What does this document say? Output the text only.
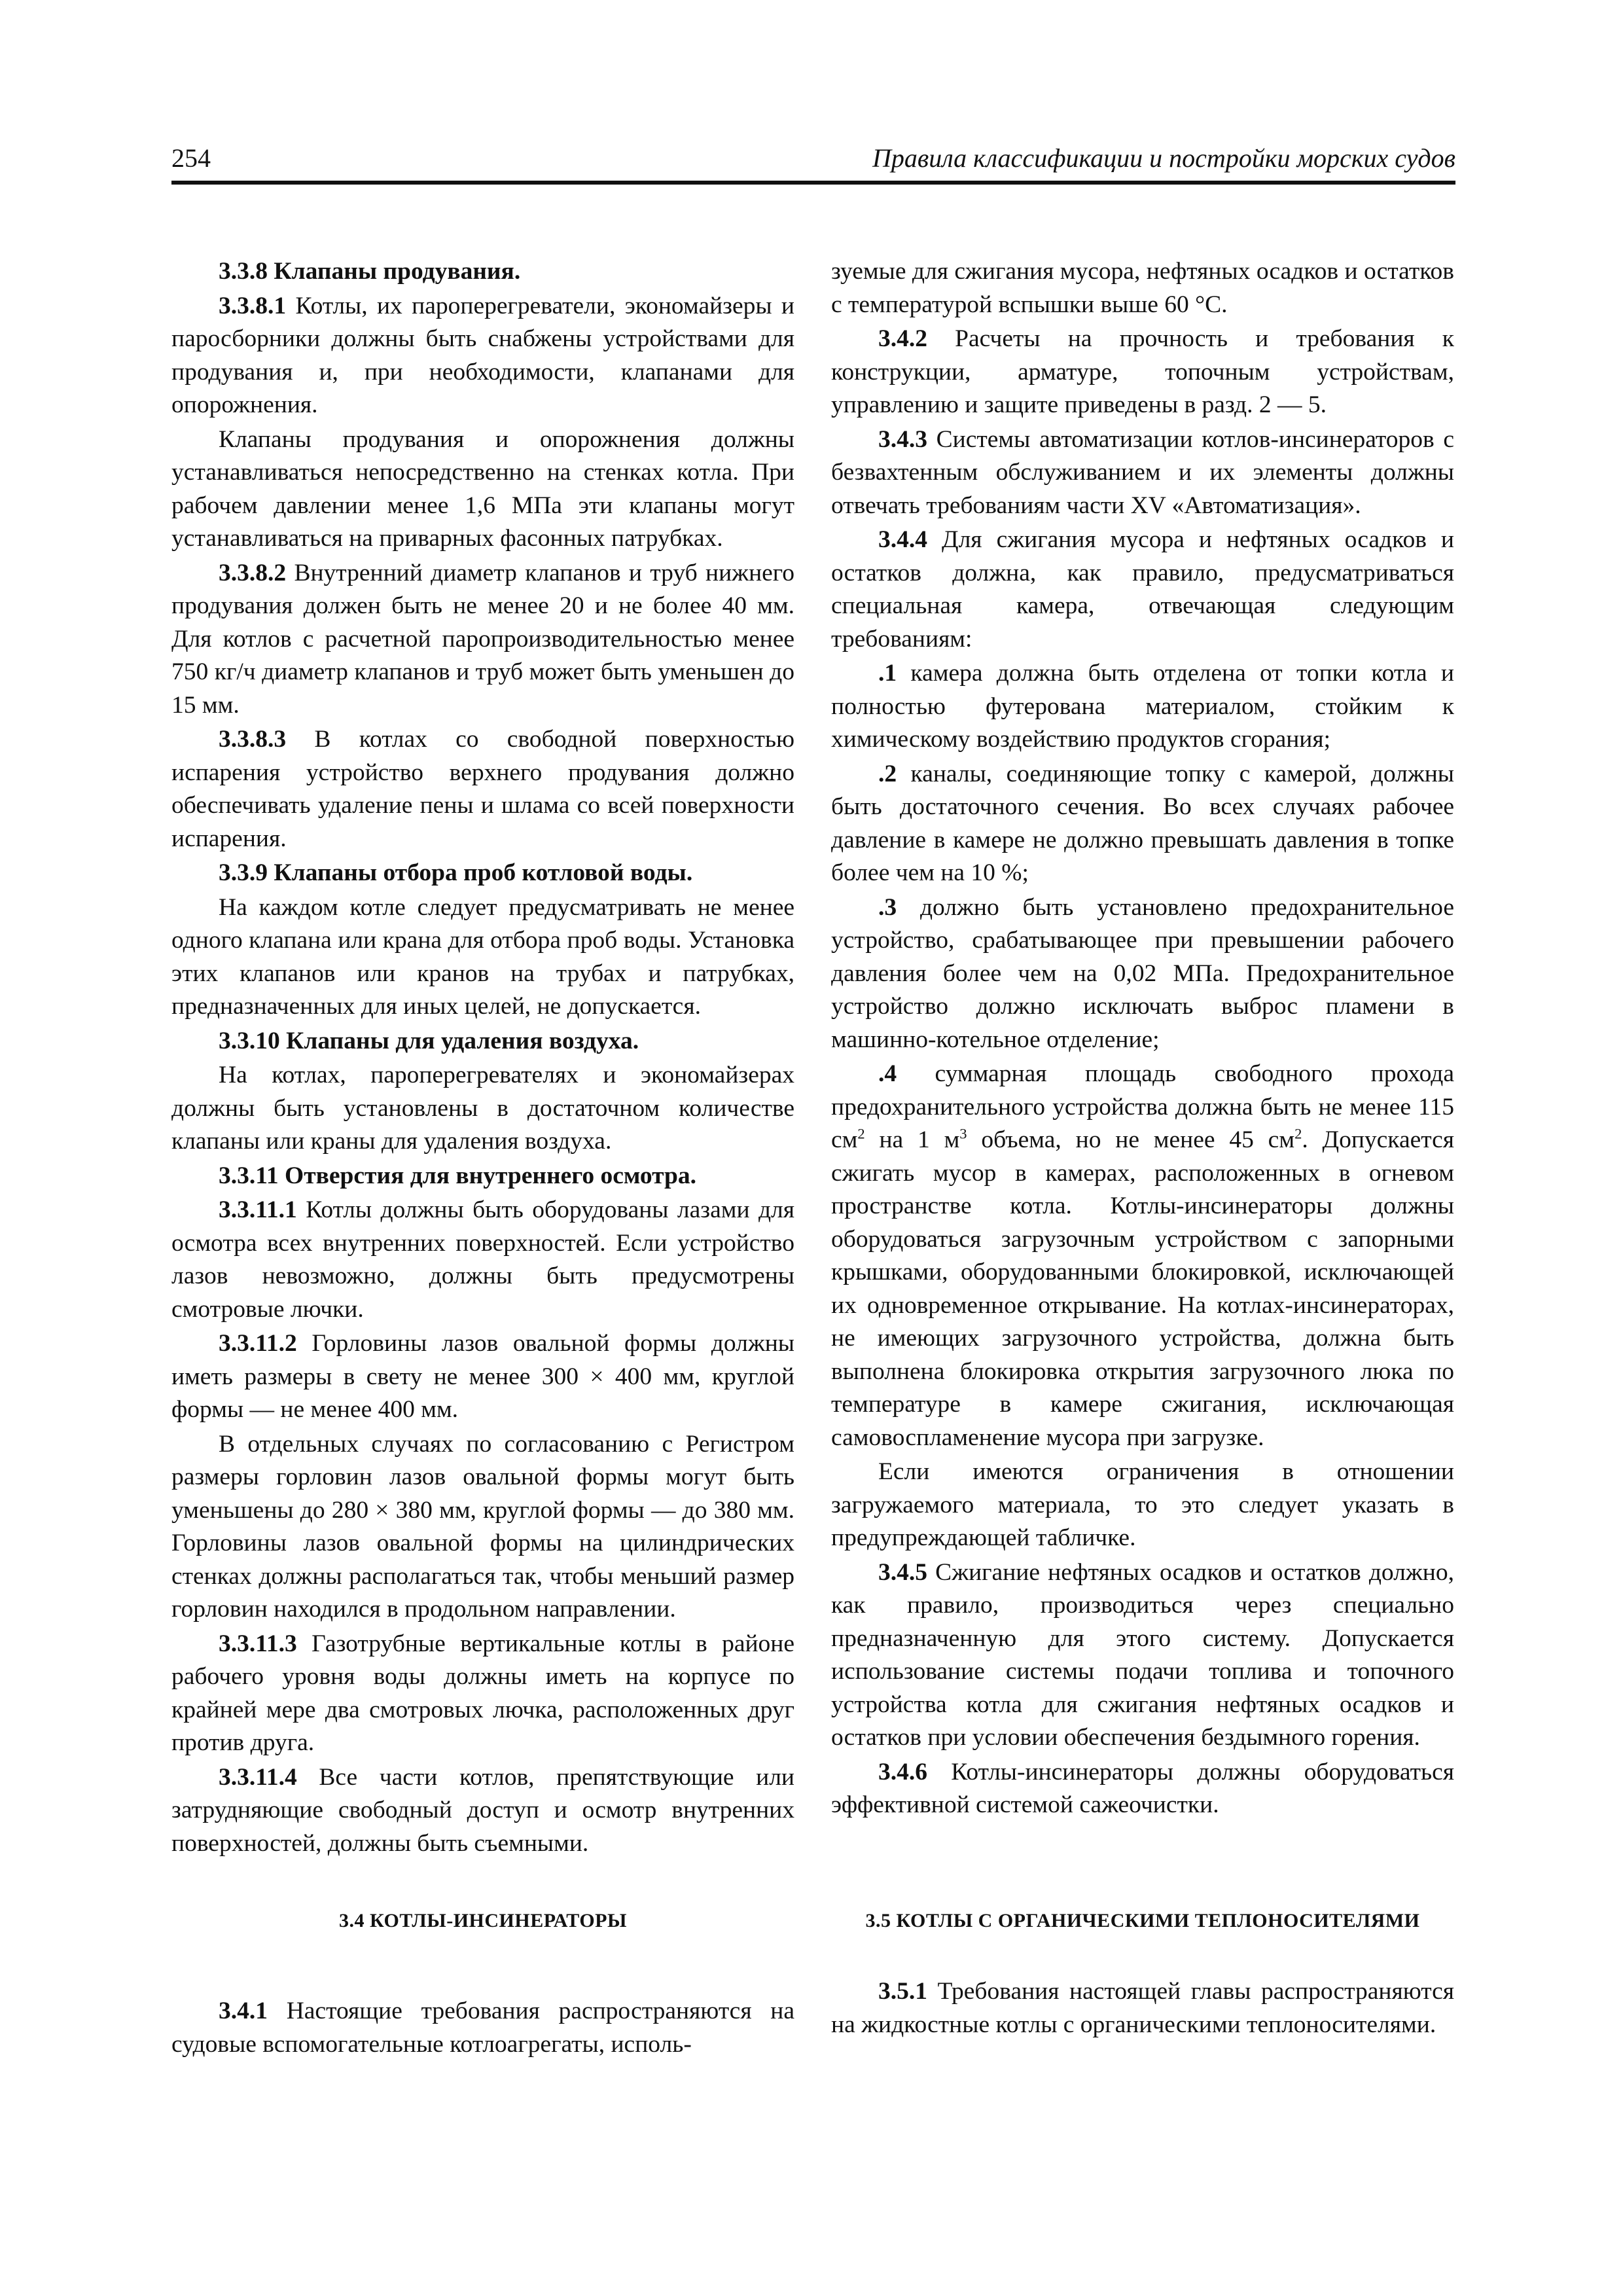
254	Правила классификации и постройки морских судов

3.3.8 Клапаны продувания.

3.3.8.1 Котлы, их пароперегреватели, экономайзеры и паросборники должны быть снабжены устройствами для продувания и, при необходимости, клапанами для опорожнения.

Клапаны продувания и опорожнения должны устанавливаться непосредственно на стенках котла. При рабочем давлении менее 1,6 МПа эти клапаны могут устанавливаться на приварных фасонных патрубках.

3.3.8.2 Внутренний диаметр клапанов и труб нижнего продувания должен быть не менее 20 и не более 40 мм. Для котлов с расчетной паропроизводительностью менее 750 кг/ч диаметр клапанов и труб может быть уменьшен до 15 мм.

3.3.8.3 В котлах со свободной поверхностью испарения устройство верхнего продувания должно обеспечивать удаление пены и шлама со всей поверхности испарения.

3.3.9 Клапаны отбора проб котловой воды.

На каждом котле следует предусматривать не менее одного клапана или крана для отбора проб воды. Установка этих клапанов или кранов на трубах и патрубках, предназначенных для иных целей, не допускается.

3.3.10 Клапаны для удаления воздуха.

На котлах, пароперегревателях и экономайзерах должны быть установлены в достаточном количестве клапаны или краны для удаления воздуха.

3.3.11 Отверстия для внутреннего осмотра.

3.3.11.1 Котлы должны быть оборудованы лазами для осмотра всех внутренних поверхностей. Если устройство лазов невозможно, должны быть предусмотрены смотровые лючки.

3.3.11.2 Горловины лазов овальной формы должны иметь размеры в свету не менее 300 × 400 мм, круглой формы — не менее 400 мм.

В отдельных случаях по согласованию с Регистром размеры горловин лазов овальной формы могут быть уменьшены до 280 × 380 мм, круглой формы — до 380 мм. Горловины лазов овальной формы на цилиндрических стенках должны располагаться так, чтобы меньший размер горловин находился в продольном направлении.

3.3.11.3 Газотрубные вертикальные котлы в районе рабочего уровня воды должны иметь на корпусе по крайней мере два смотровых лючка, расположенных друг против друга.

3.3.11.4 Все части котлов, препятствующие или затрудняющие свободный доступ и осмотр внутренних поверхностей, должны быть съемными.

зуемые для сжигания мусора, нефтяных осадков и остатков с температурой вспышки выше 60 °C.

3.4.2 Расчеты на прочность и требования к конструкции, арматуре, топочным устройствам, управлению и защите приведены в разд. 2 — 5.

3.4.3 Системы автоматизации котлов-инсинераторов с безвахтенным обслуживанием и их элементы должны отвечать требованиям части XV «Автоматизация».

3.4.4 Для сжигания мусора и нефтяных осадков и остатков должна, как правило, предусматриваться специальная камера, отвечающая следующим требованиям:

.1 камера должна быть отделена от топки котла и полностью футерована материалом, стойким к химическому воздействию продуктов сгорания;

.2 каналы, соединяющие топку с камерой, должны быть достаточного сечения. Во всех случаях рабочее давление в камере не должно превышать давления в топке более чем на 10 %;

.3 должно быть установлено предохранительное устройство, срабатывающее при превышении рабочего давления более чем на 0,02 МПа. Предохранительное устройство должно исключать выброс пламени в машинно-котельное отделение;

.4 суммарная площадь свободного прохода предохранительного устройства должна быть не менее 115 $см^2$ на 1 $м^3$ объема, но не менее 45 $см^2$. Допускается сжигать мусор в камерах, расположенных в огневом пространстве котла. Котлы-инсинераторы должны оборудоваться загрузочным устройством с запорными крышками, оборудованными блокировкой, исключающей их одновременное открывание. На котлах-инсинераторах, не имеющих загрузочного устройства, должна быть выполнена блокировка открытия загрузочного люка по температуре в камере сжигания, исключающая самовоспламенение мусора при загрузке.

Если имеются ограничения в отношении загружаемого материала, то это следует указать в предупреждающей табличке.

3.4.5 Сжигание нефтяных осадков и остатков должно, как правило, производиться через специально предназначенную для этого систему. Допускается использование системы подачи топлива и топочного устройства котла для сжигания нефтяных осадков и остатков при условии обеспечения бездымного горения.

3.4.6 Котлы-инсинераторы должны оборудоваться эффективной системой сажеочистки.

3.4 КОТЛЫ-ИНСИНЕРАТОРЫ	3.5 КОТЛЫ С ОРГАНИЧЕСКИМИ ТЕПЛОНОСИТЕЛЯМИ

3.4.1 Настоящие требования распространяются на судовые вспомогательные котлоагрегаты, исполь-

3.5.1 Требования настоящей главы распространяются на жидкостные котлы с органическими теплоносителями.
